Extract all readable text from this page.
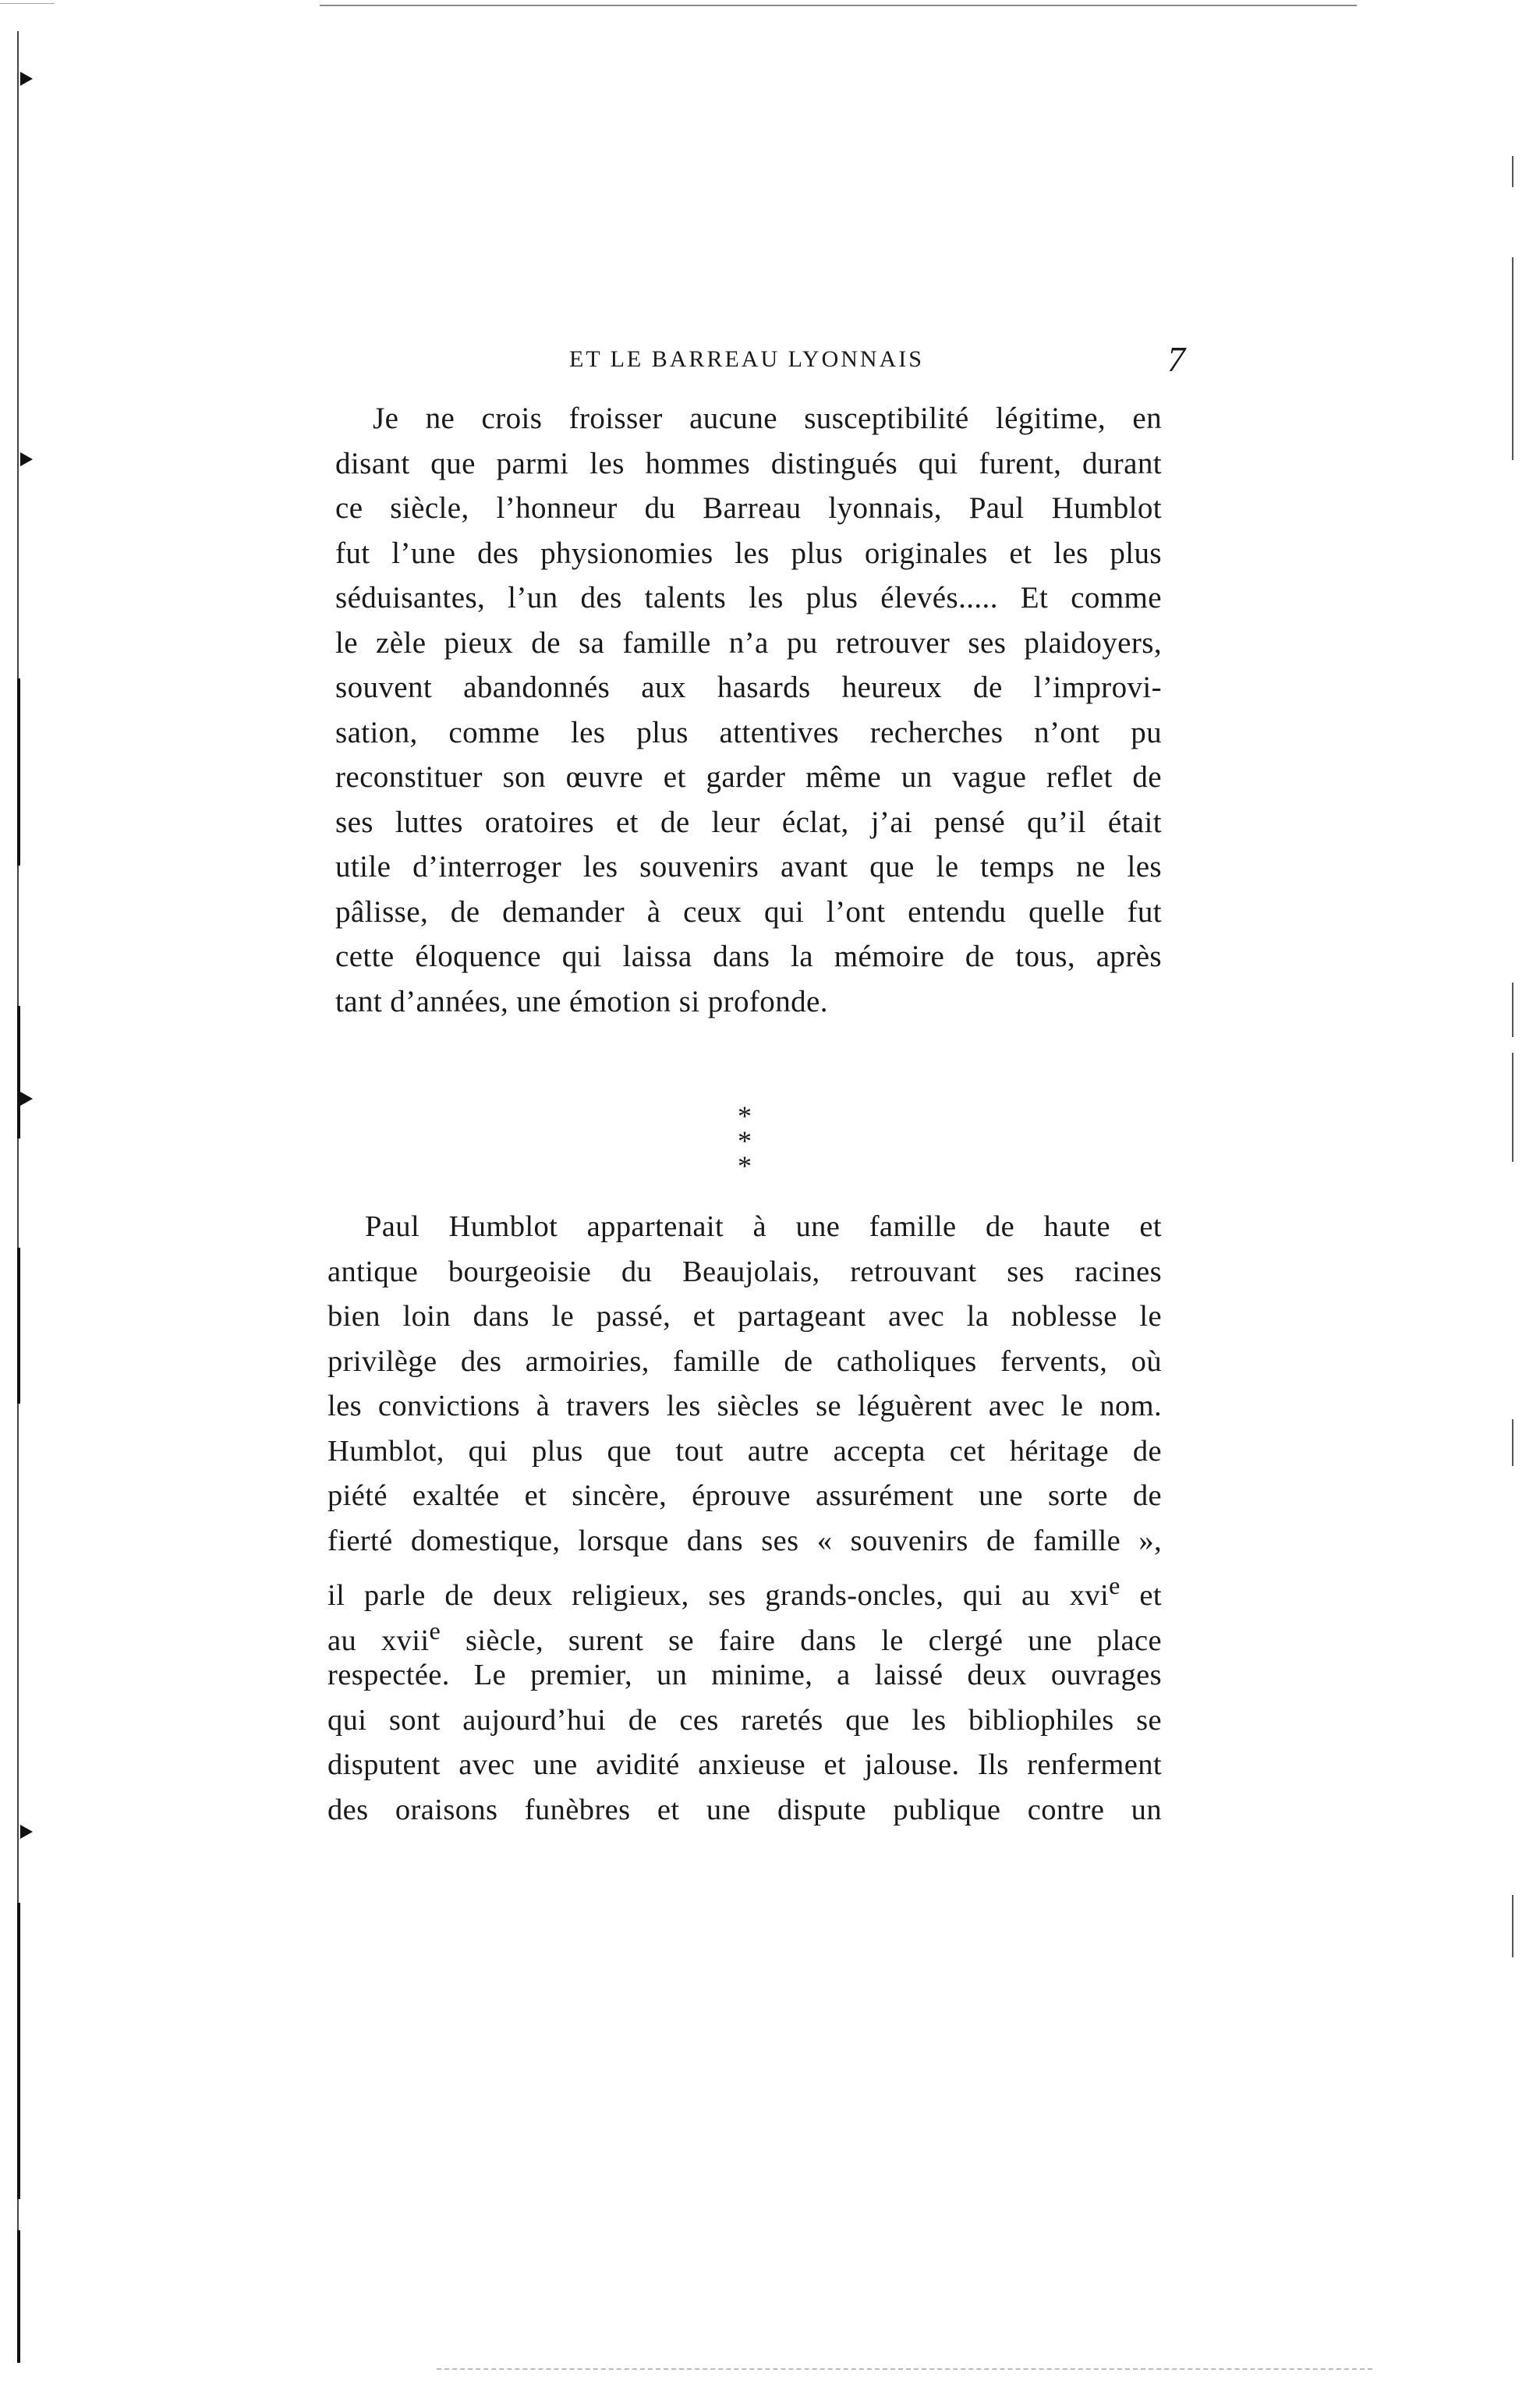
ET LE BARREAU LYONNAIS	7
Je ne crois froisser aucune susceptibilité légitime, en
disant que parmi les hommes distingués qui furent, durant
ce siècle, l’honneur du Barreau lyonnais, Paul Humblot
fut l’une des physionomies les plus originales et les plus
séduisantes, l’un des talents les plus élevés..... Et comme
le zèle pieux de sa famille n’a pu retrouver ses plaidoyers,
souvent abandonnés aux hasards heureux de l’improvi-
sation, comme les plus attentives recherches n’ont pu
reconstituer son œuvre et garder même un vague reflet de
ses luttes oratoires et de leur éclat, j’ai pensé qu’il était
utile d’interroger les souvenirs avant que le temps ne les
pâlisse, de demander à ceux qui l’ont entendu quelle fut
cette éloquence qui laissa dans la mémoire de tous, après
tant d’années, une émotion si profonde.
*
* *
Paul Humblot appartenait à une famille de haute et
antique bourgeoisie du Beaujolais, retrouvant ses racines
bien loin dans le passé, et partageant avec la noblesse le
privilège des armoiries, famille de catholiques fervents, où
les convictions à travers les siècles se léguèrent avec le nom.
Humblot, qui plus que tout autre accepta cet héritage de
piété exaltée et sincère, éprouve assurément une sorte de
fierté domestique, lorsque dans ses « souvenirs de famille »,
il parle de deux religieux, ses grands-oncles, qui au xvi$^e$ et
au xvii$^e$ siècle, surent se faire dans le clergé une place
respectée. Le premier, un minime, a laissé deux ouvrages
qui sont aujourd’hui de ces raretés que les bibliophiles se
disputent avec une avidité anxieuse et jalouse. Ils renferment
des oraisons funèbres et une dispute publique contre un
